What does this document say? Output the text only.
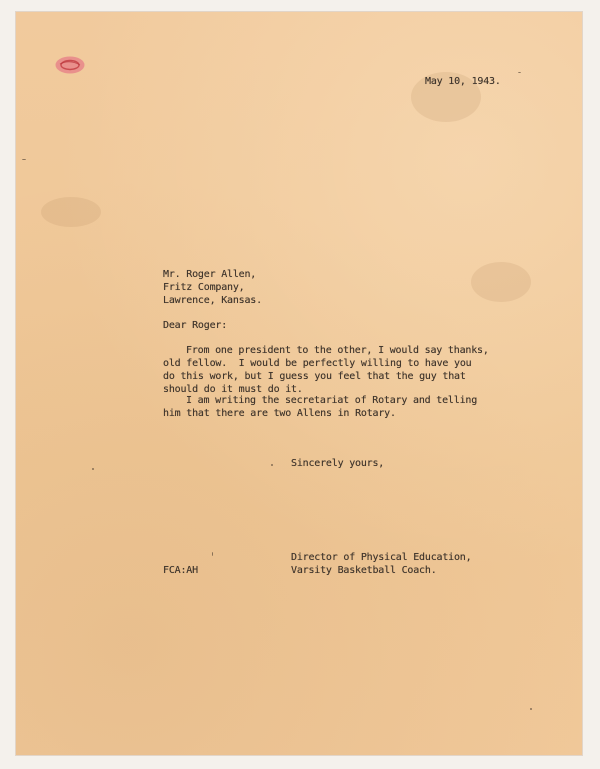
May 10, 1943.
Mr. Roger Allen,
Fritz Company,
Lawrence, Kansas.
Dear Roger:
From one president to the other, I would say thanks,
old fellow.  I would be perfectly willing to have you
do this work, but I guess you feel that the guy that
should do it must do it.
I am writing the secretariat of Rotary and telling
him that there are two Allens in Rotary.
Sincerely yours,
Director of Physical Education,
Varsity Basketball Coach.
FCA:AH
